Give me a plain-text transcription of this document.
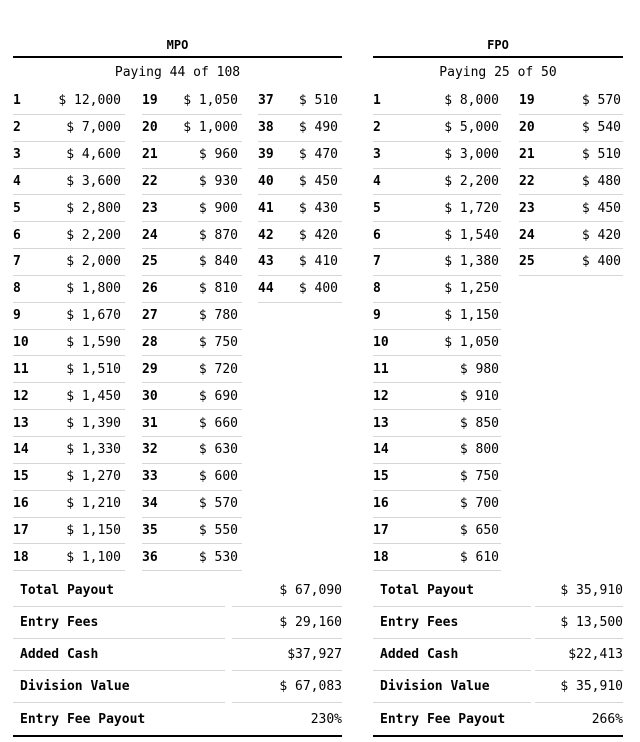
MPO
Paying 44 of 108
1	$ 12,000
2	$ 7,000
3	$ 4,600
4	$ 3,600
5	$ 2,800
6	$ 2,200
7	$ 2,000
8	$ 1,800
9	$ 1,670
10	$ 1,590
11	$ 1,510
12	$ 1,450
13	$ 1,390
14	$ 1,330
15	$ 1,270
16	$ 1,210
17	$ 1,150
18	$ 1,100
19	$ 1,050
20	$ 1,000
21	$ 960
22	$ 930
23	$ 900
24	$ 870
25	$ 840
26	$ 810
27	$ 780
28	$ 750
29	$ 720
30	$ 690
31	$ 660
32	$ 630
33	$ 600
34	$ 570
35	$ 550
36	$ 530
37	$ 510
38	$ 490
39	$ 470
40	$ 450
41	$ 430
42	$ 420
43	$ 410
44	$ 400
Total Payout	$ 67,090
Entry Fees	$ 29,160
Added Cash	$37,927
Division Value	$ 67,083
Entry Fee Payout	230%
FPO
Paying 25 of 50
1	$ 8,000
2	$ 5,000
3	$ 3,000
4	$ 2,200
5	$ 1,720
6	$ 1,540
7	$ 1,380
8	$ 1,250
9	$ 1,150
10	$ 1,050
11	$ 980
12	$ 910
13	$ 850
14	$ 800
15	$ 750
16	$ 700
17	$ 650
18	$ 610
19	$ 570
20	$ 540
21	$ 510
22	$ 480
23	$ 450
24	$ 420
25	$ 400
Total Payout	$ 35,910
Entry Fees	$ 13,500
Added Cash	$22,413
Division Value	$ 35,910
Entry Fee Payout	266%
